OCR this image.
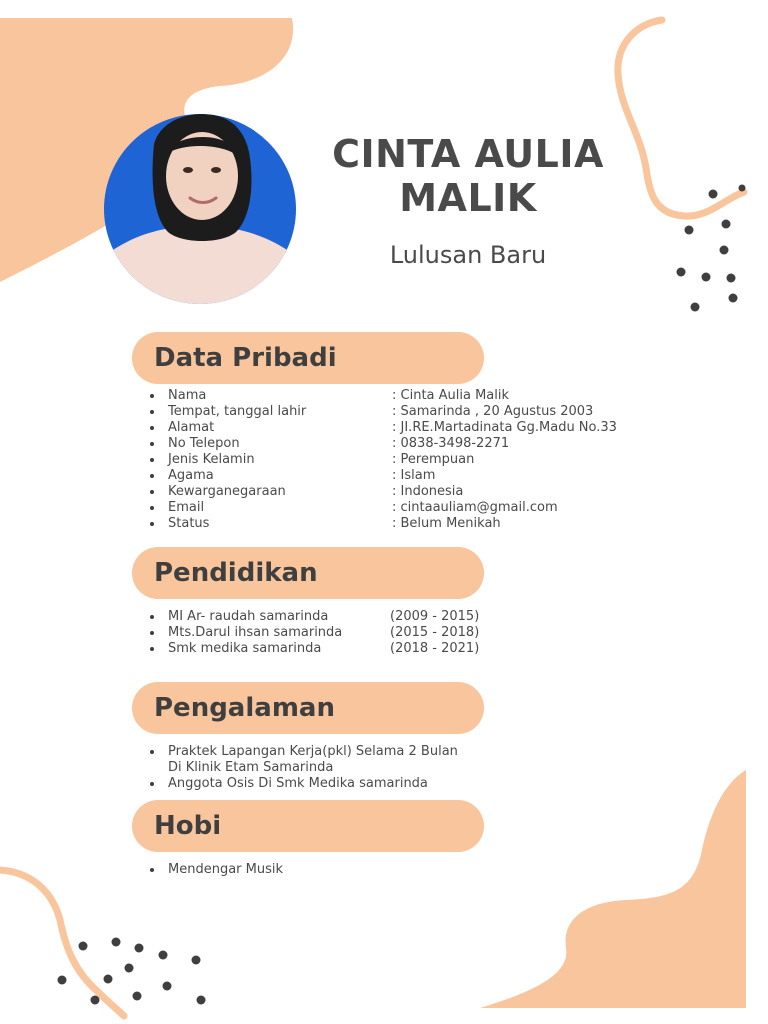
CINTA AULIA MALIK

Lulusan Baru

Data Pribadi
Nama	: Cinta Aulia Malik
Tempat, tanggal lahir	: Samarinda , 20 Agustus 2003
Alamat	: JI.RE.Martadinata Gg.Madu No.33
No Telepon	: 0838-3498-2271
Jenis Kelamin	: Perempuan
Agama	: Islam
Kewarganegaraan	: Indonesia
Email	: cintaauliam@gmail.com
Status	: Belum Menikah
Pendidikan
MI Ar- raudah samarinda	(2009 - 2015)
Mts.Darul ihsan samarinda	(2015 - 2018)
Smk medika samarinda	(2018 - 2021)
Pengalaman
Praktek Lapangan Kerja(pkl) Selama 2 Bulan
Di Klinik Etam Samarinda
Anggota Osis Di Smk Medika samarinda
Hobi
Mendengar Musik
